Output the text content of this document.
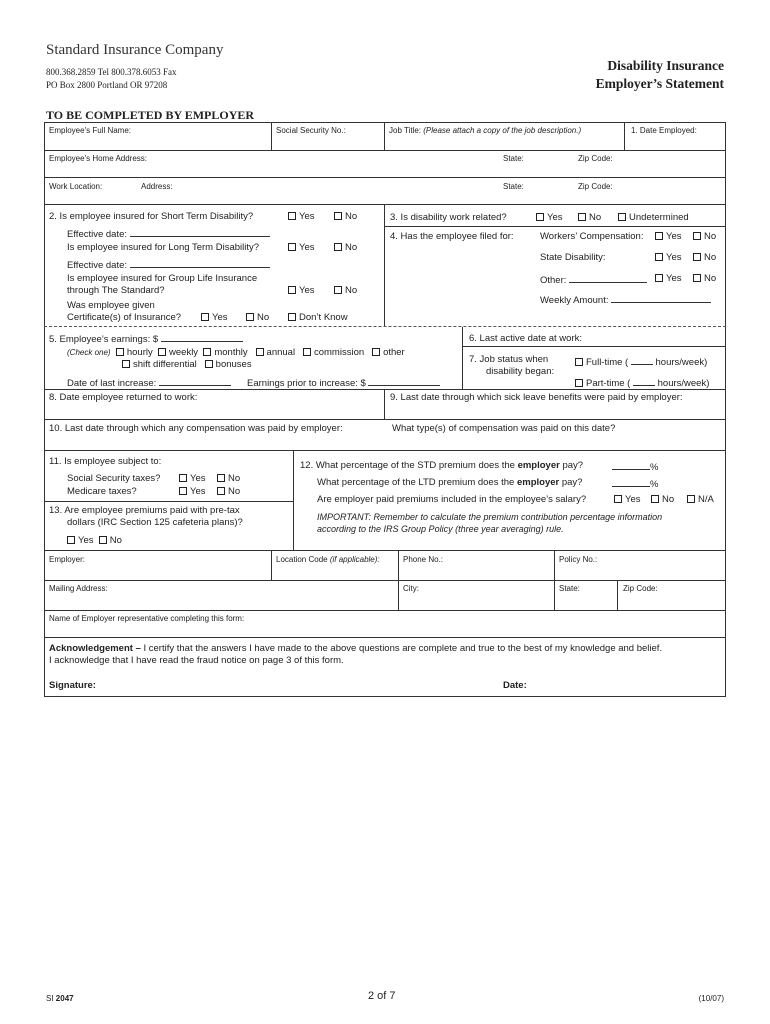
Standard Insurance Company
800.368.2859 Tel 800.378.6053 Fax
PO Box 2800 Portland OR 97208
Disability Insurance
Employer’s Statement
TO BE COMPLETED BY EMPLOYER
Employee's Full Name:	Social Security No.:	Job Title: (Please attach a copy of the job description.)	1. Date Employed:
Employee's Home Address:	State:	Zip Code:
Work Location:	Address:	State:	Zip Code:
2. Is employee insured for Short Term Disability?	Yes	No
Effective date:
Is employee insured for Long Term Disability?	Yes	No
Effective date:
Is employee insured for Group Life Insurance
through The Standard?	Yes	No
Was employee given
Certificate(s) of Insurance?	Yes	No	Don’t Know
3. Is disability work related?	Yes	No	Undetermined
4. Has the employee filed for:	Workers’ Compensation:	Yes	No
State Disability:	Yes	No
Other:	Yes	No
Weekly Amount:
5. Employee’s earnings: $
(Check one) hourly weekly monthly annual commission other
shift differential bonuses
Date of last increase:	Earnings prior to increase: $
6. Last active date at work:
7. Job status when
disability began:
Full-time (	hours/week)
Part-time (	hours/week)
8. Date employee returned to work:	9. Last date through which sick leave benefits were paid by employer:
10. Last date through which any compensation was paid by employer:	What type(s) of compensation was paid on this date?
11. Is employee subject to:
Social Security taxes?	Yes	No
Medicare taxes?	Yes	No
13. Are employee premiums paid with pre-tax
dollars (IRC Section 125 cafeteria plans)?
Yes No
12. What percentage of the STD premium does the employer pay?	%
What percentage of the LTD premium does the employer pay?	%
Are employer paid premiums included in the employee’s salary?	Yes	No	N/A
IMPORTANT: Remember to calculate the premium contribution percentage information
according to the IRS Group Policy (three year averaging) rule.
Employer:	Location Code (if applicable):	Phone No.:	Policy No.:
Mailing Address:	City:	State:	Zip Code:
Name of Employer representative completing this form:
Acknowledgement – I certify that the answers I have made to the above questions are complete and true to the best of my knowledge and belief.
I acknowledge that I have read the fraud notice on page 3 of this form.
Signature:	Date:
SI 2047	2 of 7	(10/07)
